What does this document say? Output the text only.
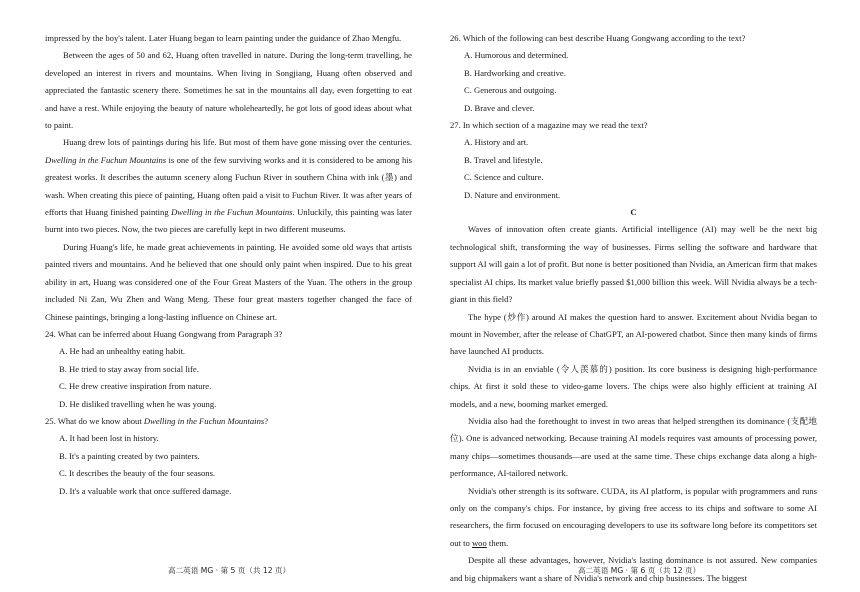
impressed by the boy's talent. Later Huang began to learn painting under the guidance of Zhao Mengfu.

Between the ages of 50 and 62, Huang often travelled in nature. During the long-term travelling, he developed an interest in rivers and mountains. When living in Songjiang, Huang often observed and appreciated the fantastic scenery there. Sometimes he sat in the mountains all day, even forgetting to eat and have a rest. While enjoying the beauty of nature wholeheartedly, he got lots of good ideas about what to paint.

Huang drew lots of paintings during his life. But most of them have gone missing over the centuries. Dwelling in the Fuchun Mountains is one of the few surviving works and it is considered to be among his greatest works. It describes the autumn scenery along Fuchun River in southern China with ink (墨) and wash. When creating this piece of painting, Huang often paid a visit to Fuchun River. It was after years of efforts that Huang finished painting Dwelling in the Fuchun Mountains. Unluckily, this painting was later burnt into two pieces. Now, the two pieces are carefully kept in two different museums.

During Huang's life, he made great achievements in painting. He avoided some old ways that artists painted rivers and mountains. And he believed that one should only paint when inspired. Due to his great ability in art, Huang was considered one of the Four Great Masters of the Yuan. The others in the group included Ni Zan, Wu Zhen and Wang Meng. These four great masters together changed the face of Chinese paintings, bringing a long-lasting influence on Chinese art.

24. What can be inferred about Huang Gongwang from Paragraph 3?

A. He had an unhealthy eating habit.

B. He tried to stay away from social life.

C. He drew creative inspiration from nature.

D. He disliked travelling when he was young.

25. What do we know about Dwelling in the Fuchun Mountains?

A. It had been lost in history.

B. It's a painting created by two painters.

C. It describes the beauty of the four seasons.

D. It's a valuable work that once suffered damage.

26. Which of the following can best describe Huang Gongwang according to the text?

A. Humorous and determined.

B. Hardworking and creative.

C. Generous and outgoing.

D. Brave and clever.

27. In which section of a magazine may we read the text?

A. History and art.

B. Travel and lifestyle.

C. Science and culture.

D. Nature and environment.

C

Waves of innovation often create giants. Artificial intelligence (AI) may well be the next big technological shift, transforming the way of businesses. Firms selling the software and hardware that support AI will gain a lot of profit. But none is better positioned than Nvidia, an American firm that makes specialist AI chips. Its market value briefly passed $1,000 billion this week. Will Nvidia always be a tech-giant in this field?

The hype (炒作) around AI makes the question hard to answer. Excitement about Nvidia began to mount in November, after the release of ChatGPT, an AI-powered chatbot. Since then many kinds of firms have launched AI products.

Nvidia is in an enviable (令人羡慕的) position. Its core business is designing high-performance chips. At first it sold these to video-game lovers. The chips were also highly efficient at training AI models, and a new, booming market emerged.

Nvidia also had the forethought to invest in two areas that helped strengthen its dominance (支配地位). One is advanced networking. Because training AI models requires vast amounts of processing power, many chips—sometimes thousands—are used at the same time. These chips exchange data along a high-performance, AI-tailored network.

Nvidia's other strength is its software. CUDA, its AI platform, is popular with programmers and runs only on the company's chips. For instance, by giving free access to its chips and software to some AI researchers, the firm focused on encouraging developers to use its software long before its competitors set out to woo them.

Despite all these advantages, however, Nvidia's lasting dominance is not assured. New companies and big chipmakers want a share of Nvidia's network and chip businesses. The biggest

高二英语 MG · 第 5 页（共 12 页）	高二英语 MG · 第 6 页（共 12 页）
